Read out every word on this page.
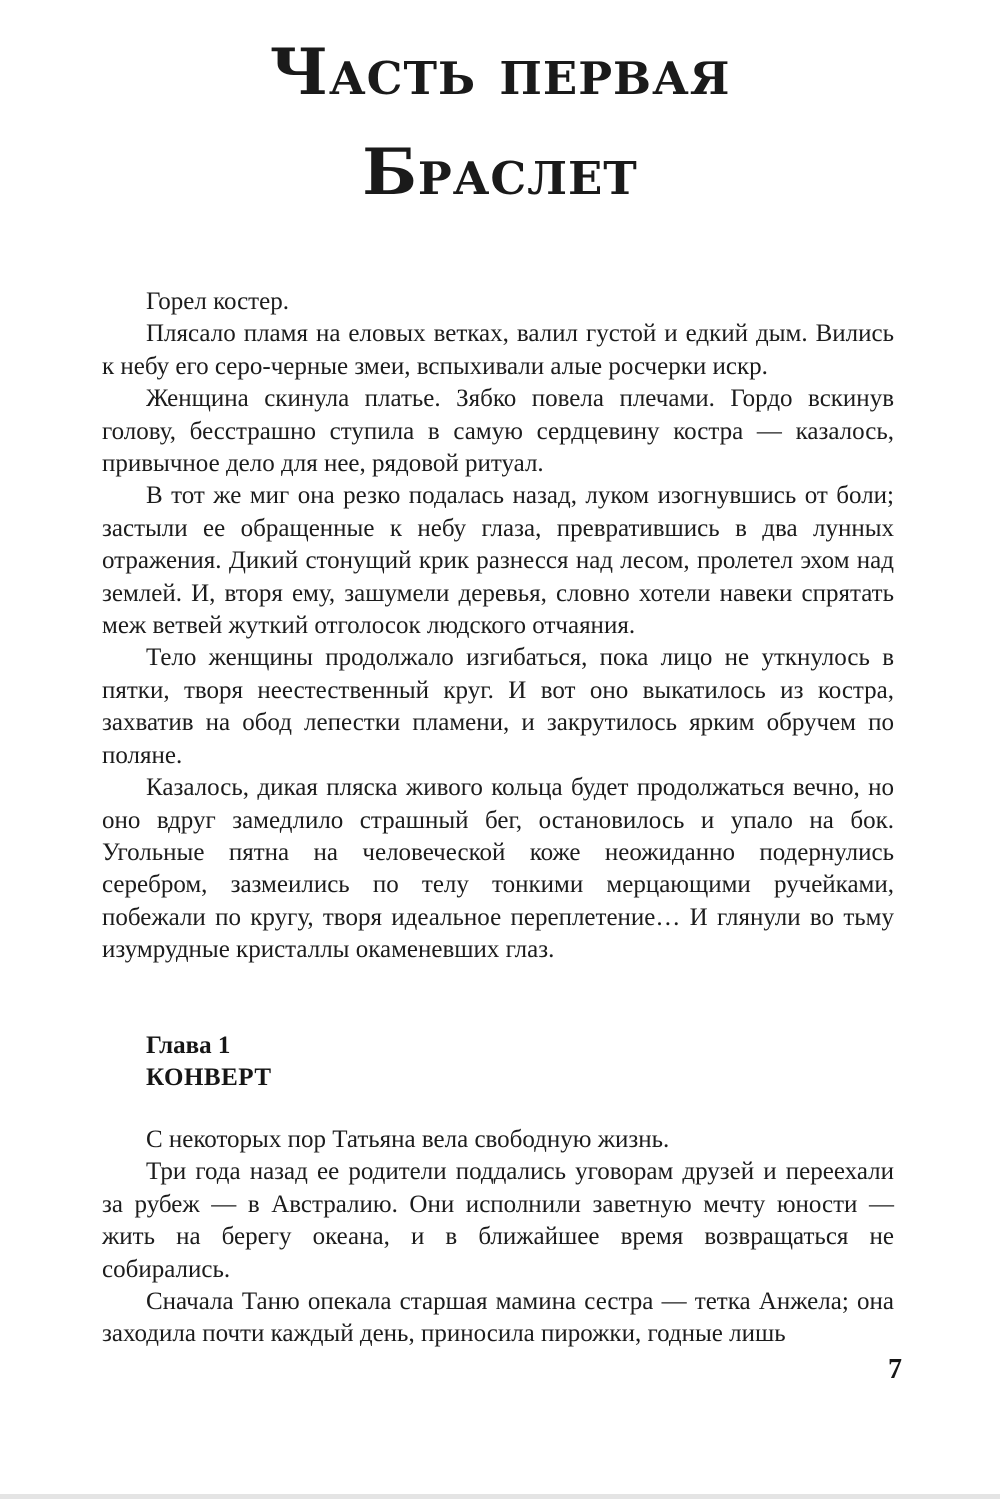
Часть первая
Браслет

Горел костер.

Плясало пламя на еловых ветках, валил густой и едкий дым. Вились к небу его серо-черные змеи, вспыхивали алые росчерки искр.

Женщина скинула платье. Зябко повела плечами. Гордо вскинув голову, бесстрашно ступила в самую сердцевину костра — казалось, привычное дело для нее, рядовой ритуал.

В тот же миг она резко подалась назад, луком изогнувшись от боли; застыли ее обращенные к небу глаза, превратившись в два лунных отражения. Дикий стонущий крик разнесся над лесом, пролетел эхом над землей. И, вторя ему, зашумели деревья, словно хотели навеки спрятать меж ветвей жуткий отголосок людского отчаяния.

Тело женщины продолжало изгибаться, пока лицо не уткнулось в пятки, творя неестественный круг. И вот оно выкатилось из костра, захватив на обод лепестки пламени, и закрутилось ярким обручем по поляне.

Казалось, дикая пляска живого кольца будет продолжаться вечно, но оно вдруг замедлило страшный бег, остановилось и упало на бок. Угольные пятна на человеческой коже неожиданно подернулись серебром, зазмеились по телу тонкими мерцающими ручейками, побежали по кругу, творя идеальное переплетение… И глянули во тьму изумрудные кристаллы окаменевших глаз.

Глава 1
КОНВЕРТ

С некоторых пор Татьяна вела свободную жизнь.

Три года назад ее родители поддались уговорам друзей и переехали за рубеж — в Австралию. Они исполнили заветную мечту юности — жить на берегу океана, и в ближайшее время возвращаться не собирались.

Сначала Таню опекала старшая мамина сестра — тетка Анжела; она заходила почти каждый день, приносила пирожки, годные лишь

7
